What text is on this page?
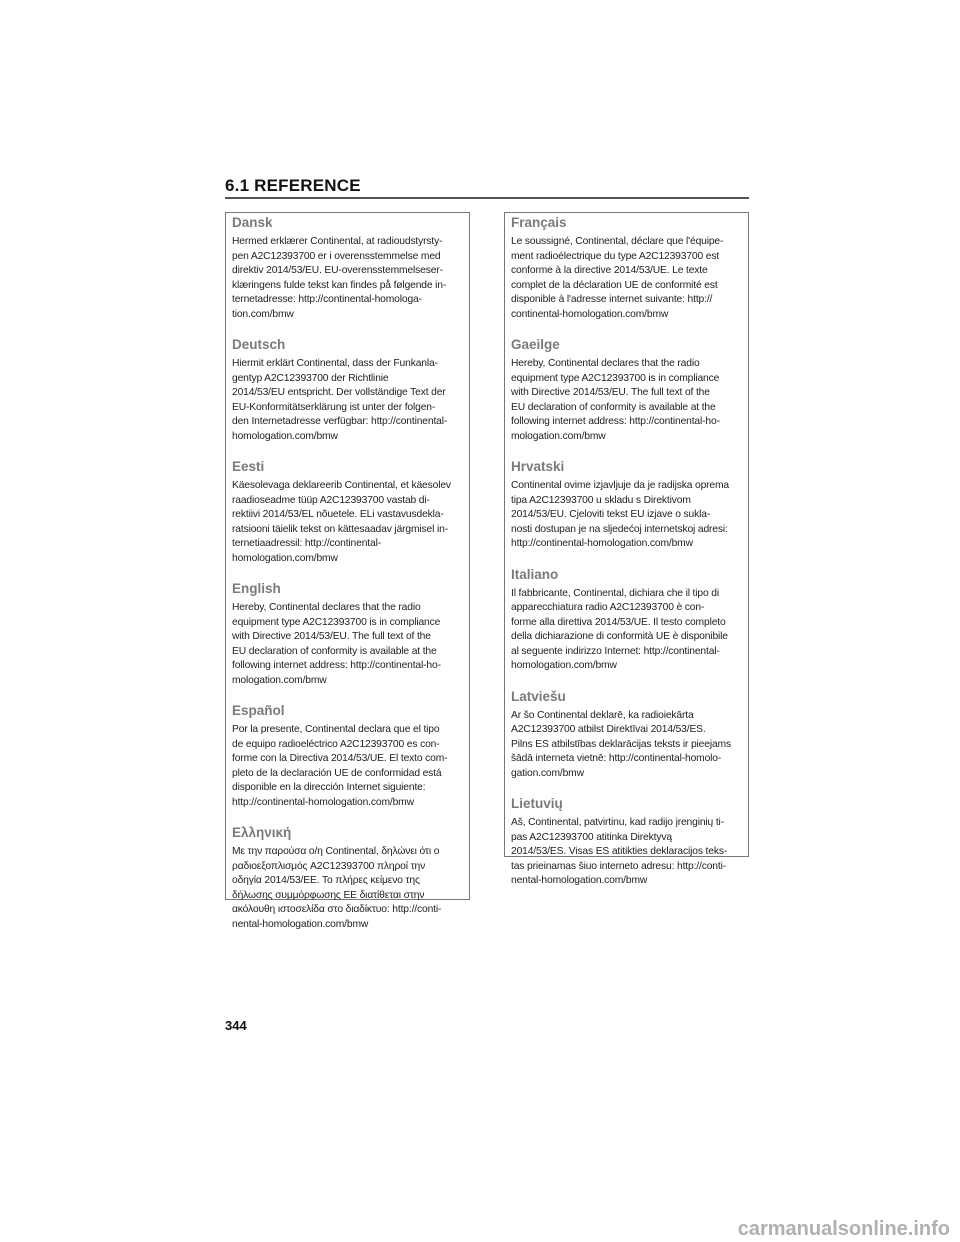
6.1 REFERENCE
Dansk
Hermed erklærer Continental, at radioudstyrsty-
pen A2C12393700 er i overensstemmelse med
direktiv 2014/53/EU. EU-overensstemmelseser-
klæringens fulde tekst kan findes på følgende in-
ternetadresse: http://continental-homologa-
tion.com/bmw
Deutsch
Hiermit erklärt Continental, dass der Funkanla-
gentyp A2C12393700 der Richtlinie
2014/53/EU entspricht. Der vollständige Text der
EU-Konformitätserklärung ist unter der folgen-
den Internetadresse verfügbar: http://continental-
homologation.com/bmw
Eesti
Käesolevaga deklareerib Continental, et käesolev
raadioseadme tüüp A2C12393700 vastab di-
rektiivi 2014/53/EL nõuetele. ELi vastavusdekla-
ratsiooni täielik tekst on kättesaadav järgmisel in-
ternetiaadressil: http://continental-
homologation.com/bmw
English
Hereby, Continental declares that the radio
equipment type A2C12393700 is in compliance
with Directive 2014/53/EU. The full text of the
EU declaration of conformity is available at the
following internet address: http://continental-ho-
mologation.com/bmw
Español
Por la presente, Continental declara que el tipo
de equipo radioeléctrico A2C12393700 es con-
forme con la Directiva 2014/53/UE. El texto com-
pleto de la declaración UE de conformidad está
disponible en la dirección Internet siguiente:
http://continental-homologation.com/bmw
Ελληνική
Με την παρούσα ο/η Continental, δηλώνει ότι ο
ραδιοεξοπλισμός A2C12393700 πληροί την
οδηγία 2014/53/ΕΕ. Το πλήρες κείμενο της
δήλωσης συμμόρφωσης ΕΕ διατίθεται στην
ακόλουθη ιστοσελίδα στο διαδίκτυο: http://conti-
nental-homologation.com/bmw
Français
Le soussigné, Continental, déclare que l'équipe-
ment radioélectrique du type A2C12393700 est
conforme à la directive 2014/53/UE. Le texte
complet de la déclaration UE de conformité est
disponible à l'adresse internet suivante: http://
continental-homologation.com/bmw
Gaeilge
Hereby, Continental declares that the radio
equipment type A2C12393700 is in compliance
with Directive 2014/53/EU. The full text of the
EU declaration of conformity is available at the
following internet address: http://continental-ho-
mologation.com/bmw
Hrvatski
Continental ovime izjavljuje da je radijska oprema
tipa A2C12393700 u skladu s Direktivom
2014/53/EU. Cjeloviti tekst EU izjave o sukla-
nosti dostupan je na sljedećoj internetskoj adresi:
http://continental-homologation.com/bmw
Italiano
Il fabbricante, Continental, dichiara che il tipo di
apparecchiatura radio A2C12393700 è con-
forme alla direttiva 2014/53/UE. Il testo completo
della dichiarazione di conformità UE è disponibile
al seguente indirizzo Internet: http://continental-
homologation.com/bmw
Latviešu
Ar šo Continental deklarē, ka radioiekārta
A2C12393700 atbilst Direktīvai 2014/53/ES.
Pilns ES atbilstības deklarācijas teksts ir pieejams
šādā interneta vietnē: http://continental-homolo-
gation.com/bmw
Lietuvių
Aš, Continental, patvirtinu, kad radijo įrenginių ti-
pas A2C12393700 atitinka Direktyvą
2014/53/ES. Visas ES atitikties deklaracijos teks-
tas prieinamas šiuo interneto adresu: http://conti-
nental-homologation.com/bmw
344
carmanualsonline.info
